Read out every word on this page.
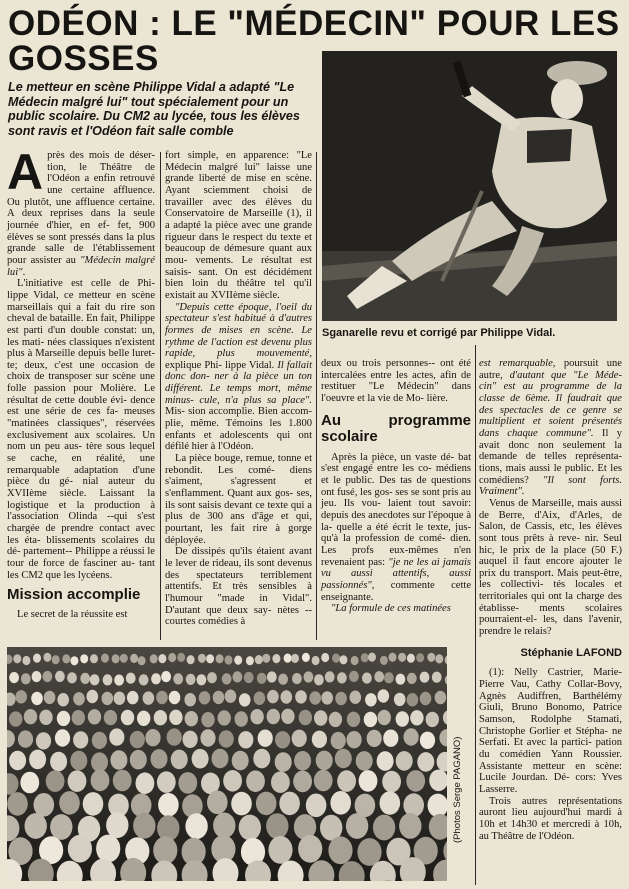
ODÉON : LE "MÉDECIN" POUR LES GOSSES
Le metteur en scène Philippe Vidal a adapté "Le Médecin malgré lui" tout spécialement pour un public scolaire. Du CM2 au lycée, tous les élèves sont ravis et l'Odéon fait salle comble
Sganarelle revu et corrigé par Philippe Vidal.

Après des mois de déser- tion, le Théâtre de l'Odéon a enfin retrouvé une certaine affluence. Ou plutôt, une affluence certaine. A deux reprises dans la seule journée d'hier, en ef- fet, 900 élèves se sont pressés dans la plus grande salle de l'établissement pour assister au "Médecin malgré lui".

L'initiative est celle de Phi- lippe Vidal, ce metteur en scène marseillais qui a fait du rire son cheval de bataille. En fait, Philippe est parti d'un double constat: un, les mati- nées classiques n'existent plus à Marseille depuis belle luret- te; deux, c'est une occasion de choix de transposer sur scène une folle passion pour Molière. Le résultat de cette double évi- dence est une série de ces fa- meuses "matinées classiques", réservées exclusivement aux scolaires. Un nom un peu aus- tère sous lequel se cache, en réalité, une remarquable adaptation d'une pièce du gé- nial auteur du XVIIème siècle. Laissant la logistique et la production à l'association Olinda --qui s'est chargée de prendre contact avec les éta- blissements scolaires du dé- partement-- Philippe a réussi le tour de force de fasciner au- tant les CM2 que les lycéens.

Mission accomplie

Le secret de la réussite est

fort simple, en apparence: "Le Médecin malgré lui" laisse une grande liberté de mise en scène. Ayant sciemment choisi de travailler avec des élèves du Conservatoire de Marseille (1), il a adapté la pièce avec une grande rigueur dans le respect du texte et beaucoup de démesure quant aux mou- vements. Le résultat est saisis- sant. On est décidément bien loin du théâtre tel qu'il existait au XVIIème siècle.

"Depuis cette époque, l'oeil du spectateur s'est habitué à d'autres formes de mises en scène. Le rythme de l'action est devenu plus rapide, plus mouvementé, explique Phi- lippe Vidal. Il fallait donc don- ner à la pièce un ton différent. Le temps mort, même minus- cule, n'a plus sa place". Mis- sion accomplie. Bien accom- plie, même. Témoins les 1.800 enfants et adolescents qui ont défilé hier à l'Odéon.

La pièce bouge, remue, tonne et rebondit. Les comé- diens s'aiment, s'agressent et s'enflamment. Quant aux gos- ses, ils sont saisis devant ce texte qui a plus de 300 ans d'âge et qui, pourtant, les fait rire à gorge déployée.

De dissipés qu'ils étaient avant le lever de rideau, ils sont devenus des spectateurs terriblement attentifs. Et très sensibles à l'humour "made in Vidal". D'autant que deux say- nètes --courtes comédies à

deux ou trois personnes-- ont été intercalées entre les actes, afin de restituer "Le Médecin" dans l'oeuvre et la vie de Mo- lière.

Au programme scolaire

Après la pièce, un vaste dé- bat s'est engagé entre les co- médiens et le public. Des tas de questions ont fusé, les gos- ses se sont pris au jeu. Ils vou- laient tout savoir: depuis des anecdotes sur l'époque à la- quelle a été écrit le texte, jus- qu'à la profession de comé- dien. Les profs eux-mêmes n'en revenaient pas: "je ne les ai jamais vu aussi attentifs, aussi passionnés", commente cette enseignante.

"La formule de ces matinées

est remarquable, poursuit une autre, d'autant que "Le Méde- cin" est au programme de la classe de 6ème. Il faudrait que des spectacles de ce genre se multiplient et soient présentés dans chaque commune". Il y avait donc non seulement la demande de telles représenta- tions, mais aussi le public. Et les comédiens? "Il sont forts. Vraiment".

Venus de Marseille, mais aussi de Berre, d'Aix, d'Arles, de Salon, de Cassis, etc, les élèves sont tous prêts à reve- nir. Seul hic, le prix de la place (50 F.) auquel il faut encore ajouter le prix du transport. Mais peut-être, les collectivi- tés locales et territoriales qui ont la charge des établisse- ments scolaires pourraient-el- les, dans l'avenir, prendre le relais?

Stéphanie LAFOND

(1): Nelly Castrier, Marie- Pierre Vau, Cathy Collar-Bovy, Agnès Audiffren, Barthélémy Giuli, Bruno Bonomo, Patrice Samson, Rodolphe Stamati, Christophe Gorlier et Stépha- ne Serfati. Et avec la partici- pation du comédien Yann Roussier. Assistante metteur en scène: Lucile Jourdan. Dé- cors: Yves Lasserre.

Trois autres représentations auront lieu aujourd'hui mardi à 10h et 14h30 et mercredi à 10h, au Théâtre de l'Odéon.

(Photos Serge PAGANO)
